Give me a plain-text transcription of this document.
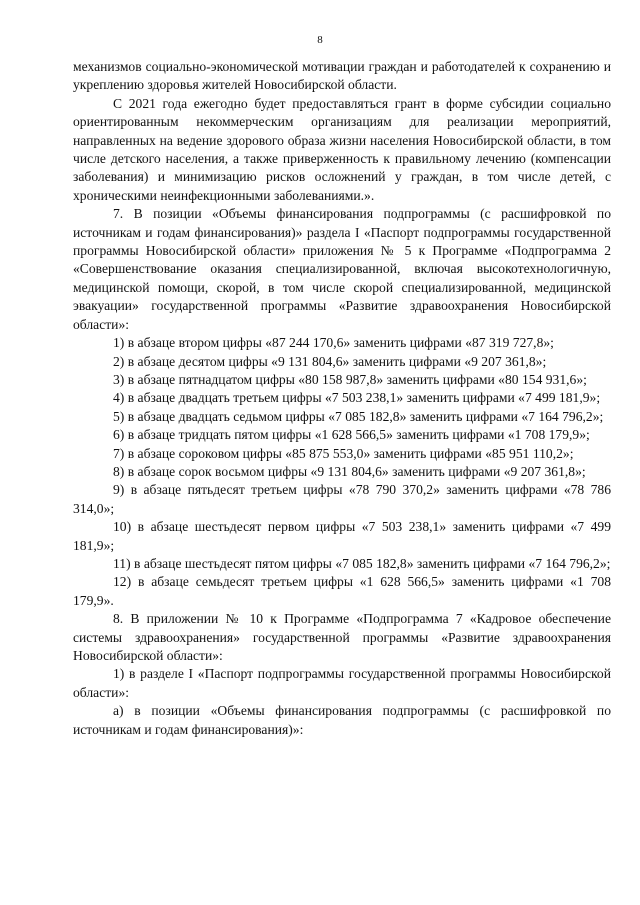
8

механизмов социально-экономической мотивации граждан и работодателей к сохранению и укреплению здоровья жителей Новосибирской области.

С 2021 года ежегодно будет предоставляться грант в форме субсидии социально ориентированным некоммерческим организациям для реализации мероприятий, направленных на ведение здорового образа жизни населения Новосибирской области, в том числе детского населения, а также приверженность к правильному лечению (компенсации заболевания) и минимизацию рисков осложнений у граждан, в том числе детей, с хроническими неинфекционными заболеваниями.».

7. В позиции «Объемы финансирования подпрограммы (с расшифровкой по источникам и годам финансирования)» раздела I «Паспорт подпрограммы государственной программы Новосибирской области» приложения № 5 к Программе «Подпрограмма 2 «Совершенствование оказания специализированной, включая высокотехнологичную, медицинской помощи, скорой, в том числе скорой специализированной, медицинской эвакуации» государственной программы «Развитие здравоохранения Новосибирской области»:

1) в абзаце втором цифры «87 244 170,6» заменить цифрами «87 319 727,8»;

2) в абзаце десятом цифры «9 131 804,6» заменить цифрами «9 207 361,8»;

3) в абзаце пятнадцатом цифры «80 158 987,8» заменить цифрами «80 154 931,6»;

4) в абзаце двадцать третьем цифры «7 503 238,1» заменить цифрами «7 499 181,9»;

5) в абзаце двадцать седьмом цифры «7 085 182,8» заменить цифрами «7 164 796,2»;

6) в абзаце тридцать пятом цифры «1 628 566,5» заменить цифрами «1 708 179,9»;

7) в абзаце сороковом цифры «85 875 553,0» заменить цифрами «85 951 110,2»;

8) в абзаце сорок восьмом цифры «9 131 804,6» заменить цифрами «9 207 361,8»;

9) в абзаце пятьдесят третьем цифры «78 790 370,2» заменить цифрами «78 786 314,0»;

10) в абзаце шестьдесят первом цифры «7 503 238,1» заменить цифрами «7 499 181,9»;

11) в абзаце шестьдесят пятом цифры «7 085 182,8» заменить цифрами «7 164 796,2»;

12) в абзаце семьдесят третьем цифры «1 628 566,5» заменить цифрами «1 708 179,9».

8. В приложении № 10 к Программе «Подпрограмма 7 «Кадровое обеспечение системы здравоохранения» государственной программы «Развитие здравоохранения Новосибирской области»:

1) в разделе I «Паспорт подпрограммы государственной программы Новосибирской области»:

а) в позиции «Объемы финансирования подпрограммы (с расшифровкой по источникам и годам финансирования)»:
